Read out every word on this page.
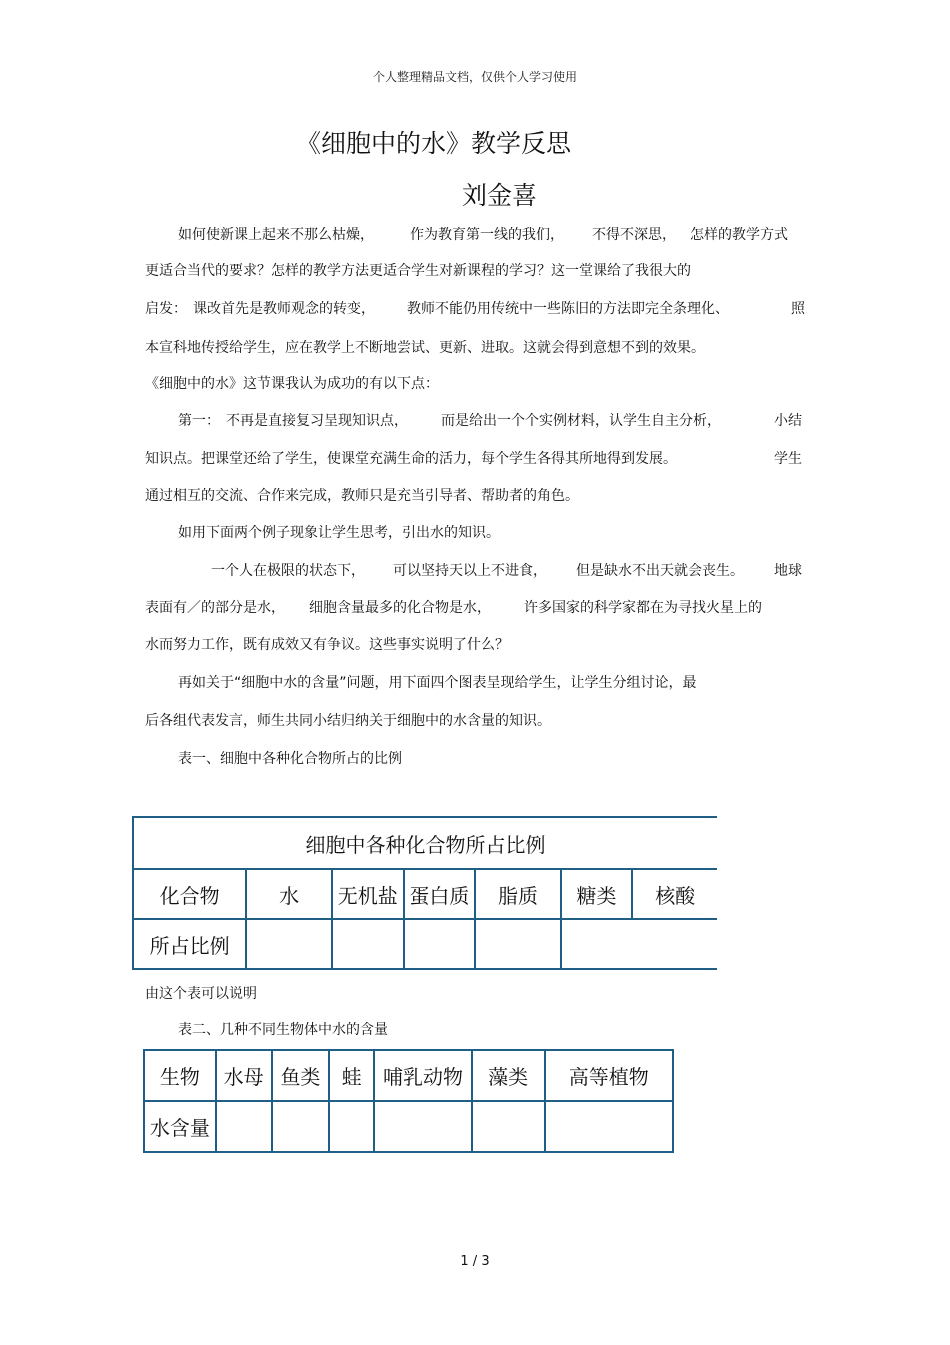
个人整理精品文档，仅供个人学习使用
《细胞中的水》教学反思
刘金喜
如何使新课上起来不那么枯燥，	作为教育第一线的我们， 不得不深思， 怎样的教学方式
更适合当代的要求？怎样的教学方法更适合学生对新课程的学习？这一堂课给了我很大的
启发： 课改首先是教师观念的转变， 教师不能仍用传统中一些陈旧的方法即完全条理化、	照
本宣科地传授给学生，应在教学上不断地尝试、更新、进取。这就会得到意想不到的效果。
《细胞中的水》这节课我认为成功的有以下点：
第一： 不再是直接复习呈现知识点， 而是给出一个个实例材料，认学生自主分析，	小结
知识点。把课堂还给了学生，使课堂充满生命的活力，每个学生各得其所地得到发展。	学生
通过相互的交流、合作来完成，教师只是充当引导者、帮助者的角色。
如用下面两个例子现象让学生思考，引出水的知识。
一个人在极限的状态下， 可以坚持天以上不进食， 但是缺水不出天就会丧生。 地球
表面有／的部分是水， 细胞含量最多的化合物是水， 许多国家的科学家都在为寻找火星上的
水而努力工作，既有成效又有争议。这些事实说明了什么？
再如关于“细胞中水的含量”问题，用下面四个图表呈现给学生，让学生分组讨论，最
后各组代表发言，师生共同小结归纳关于细胞中的水含量的知识。
表一、细胞中各种化合物所占的比例
细胞中各种化合物所占比例						
化合物	水	无机盐	蛋白质	脂质	糖类	核酸
所占比例						
由这个表可以说明
表二、几种不同生物体中水的含量
生物	水母	鱼类	蛙	哺乳动物	藻类	高等植物
水含量						
1 / 3
